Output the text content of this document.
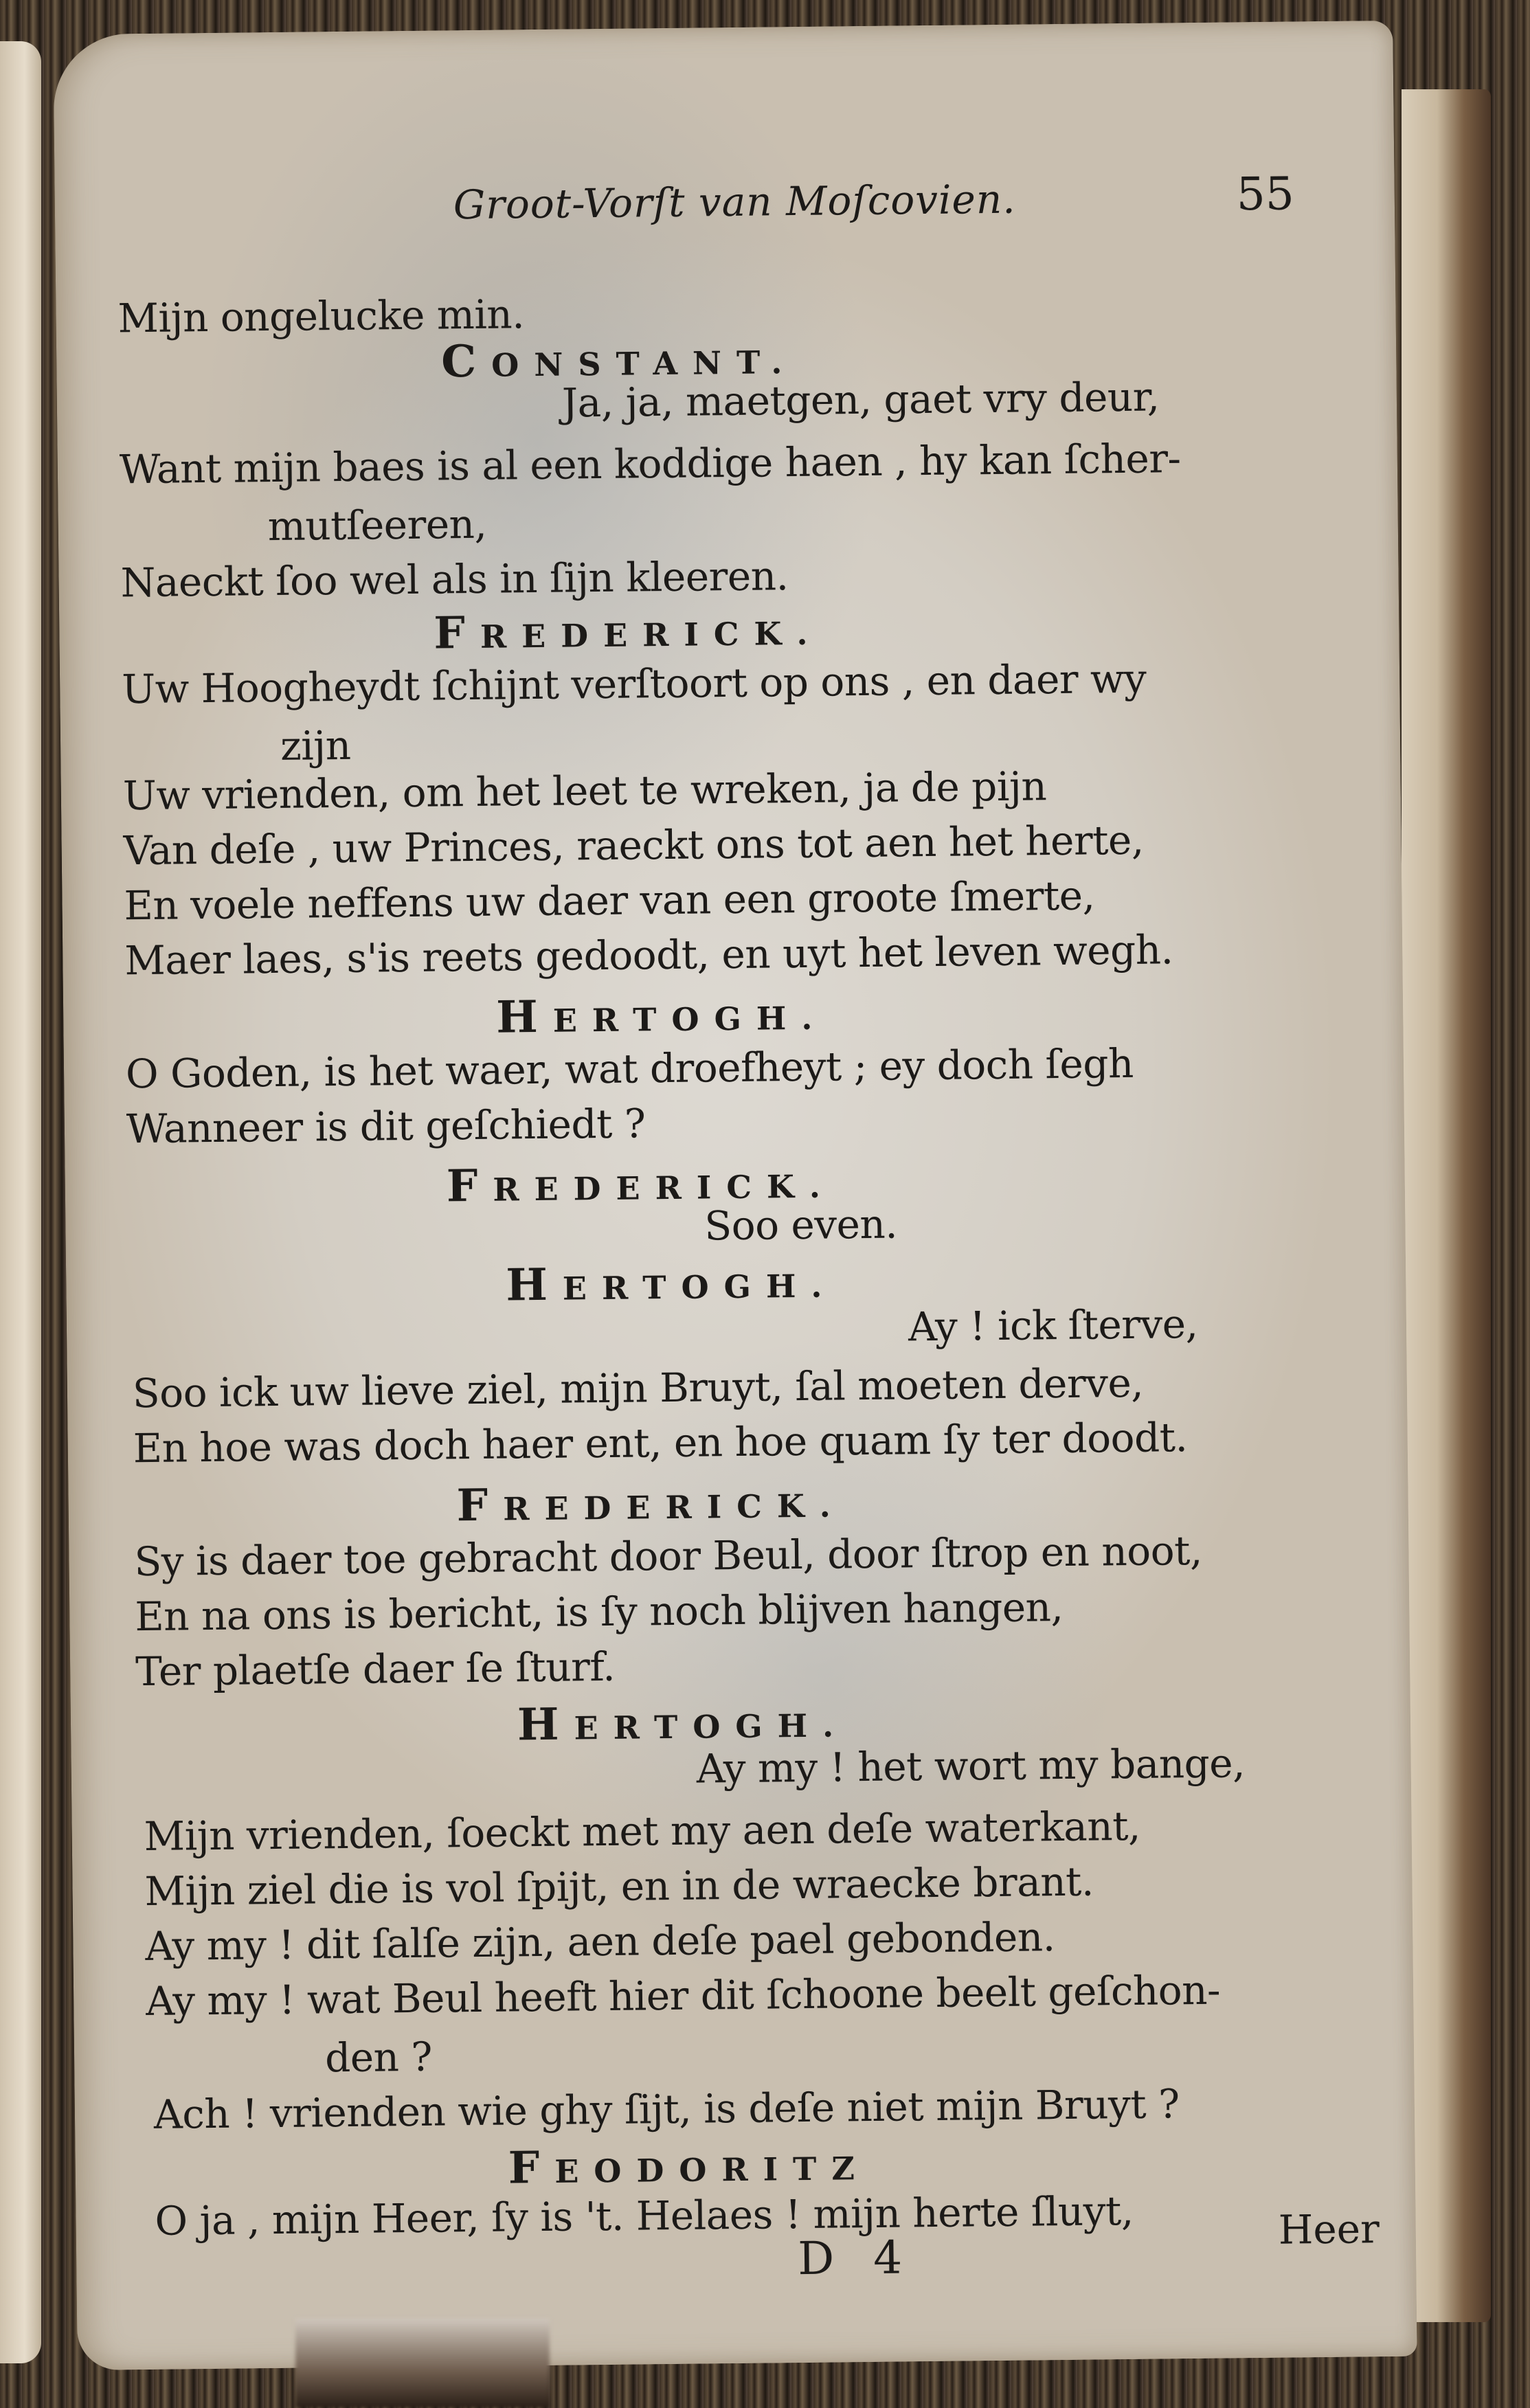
Groot-Vorſt van Moſcovien.	55
Mijn ongelucke min.
CONSTANT.
Ja, ja, maetgen, gaet vry deur,
Want mijn baes is al een koddige haen , hy kan ſcher-
mutſeeren,
Naeckt ſoo wel als in ſijn kleeren.
FREDERICK.
Uw Hoogheydt ſchijnt verſtoort op ons , en daer wy
zijn
Uw vrienden, om het leet te wreken, ja de pijn
Van deſe , uw Princes, raeckt ons tot aen het herte,
En voele neffens uw daer van een groote ſmerte,
Maer laes, s'is reets gedoodt, en uyt het leven wegh.
HERTOGH.
O Goden, is het waer, wat droefheyt ; ey doch ſegh
Wanneer is dit geſchiedt ?
FREDERICK.
Soo even.
HERTOGH.
Ay ! ick ſterve,
Soo ick uw lieve ziel, mijn Bruyt, ſal moeten derve,
En hoe was doch haer ent, en hoe quam ſy ter doodt.
FREDERICK.
Sy is daer toe gebracht door Beul, door ſtrop en noot,
En na ons is bericht, is ſy noch blijven hangen,
Ter plaetſe daer ſe ſturf.
HERTOGH.
Ay my ! het wort my bange,
Mijn vrienden, ſoeckt met my aen deſe waterkant,
Mijn ziel die is vol ſpijt, en in de wraecke brant.
Ay my ! dit ſalſe zijn, aen deſe pael gebonden.
Ay my ! wat Beul heeft hier dit ſchoone beelt geſchon-
den ?
Ach ! vrienden wie ghy ſijt, is deſe niet mijn Bruyt ?
FEODORITZ
O ja , mijn Heer, ſy is 't. Helaes ! mijn herte ſluyt,
D 4
Heer
